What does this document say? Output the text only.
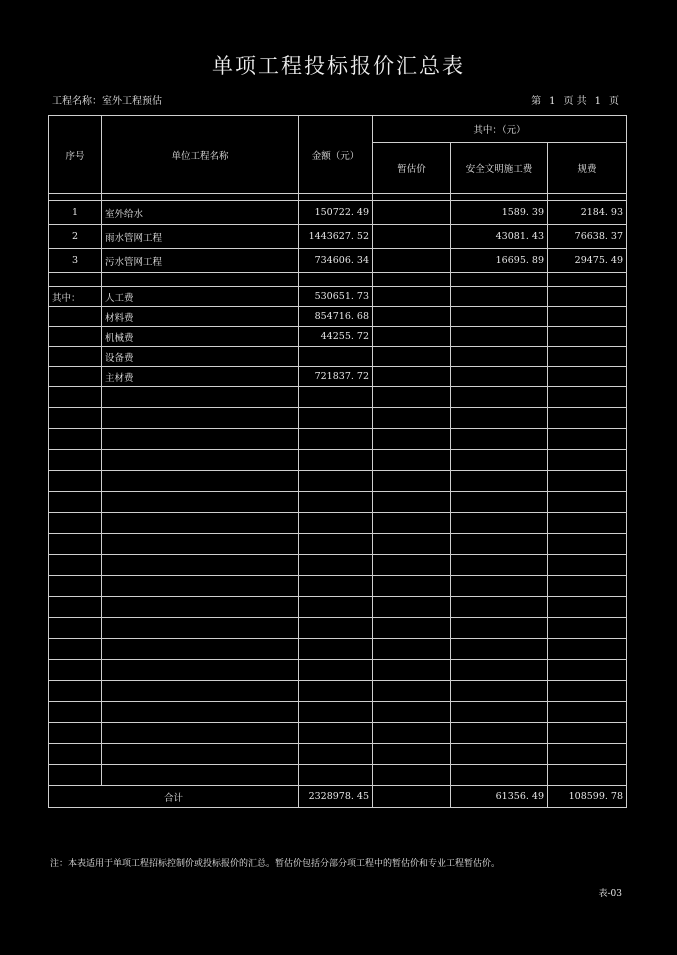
单项工程投标报价汇总表
工程名称：室外工程预估	第 1 页 共 1 页
序号	单位工程名称	金额（元）	其中：（元）		
			暂估价	安全文明施工费	规费

1	室外给水	150722. 49		1589. 39	2184. 93
2	雨水管网工程	1443627. 52		43081. 43	76638. 37
3	污水管网工程	734606. 34		16695. 89	29475. 49

其中：	人工费	530651. 73			
	材料费	854716. 68			
	机械费	44255. 72			
	设备费				
	主材费	721837. 72			

合计		2328978. 45		61356. 49	108599. 78
注：本表适用于单项工程招标控制价或投标报价的汇总。暂估价包括分部分项工程中的暂估价和专业工程暂估价。
表-03
